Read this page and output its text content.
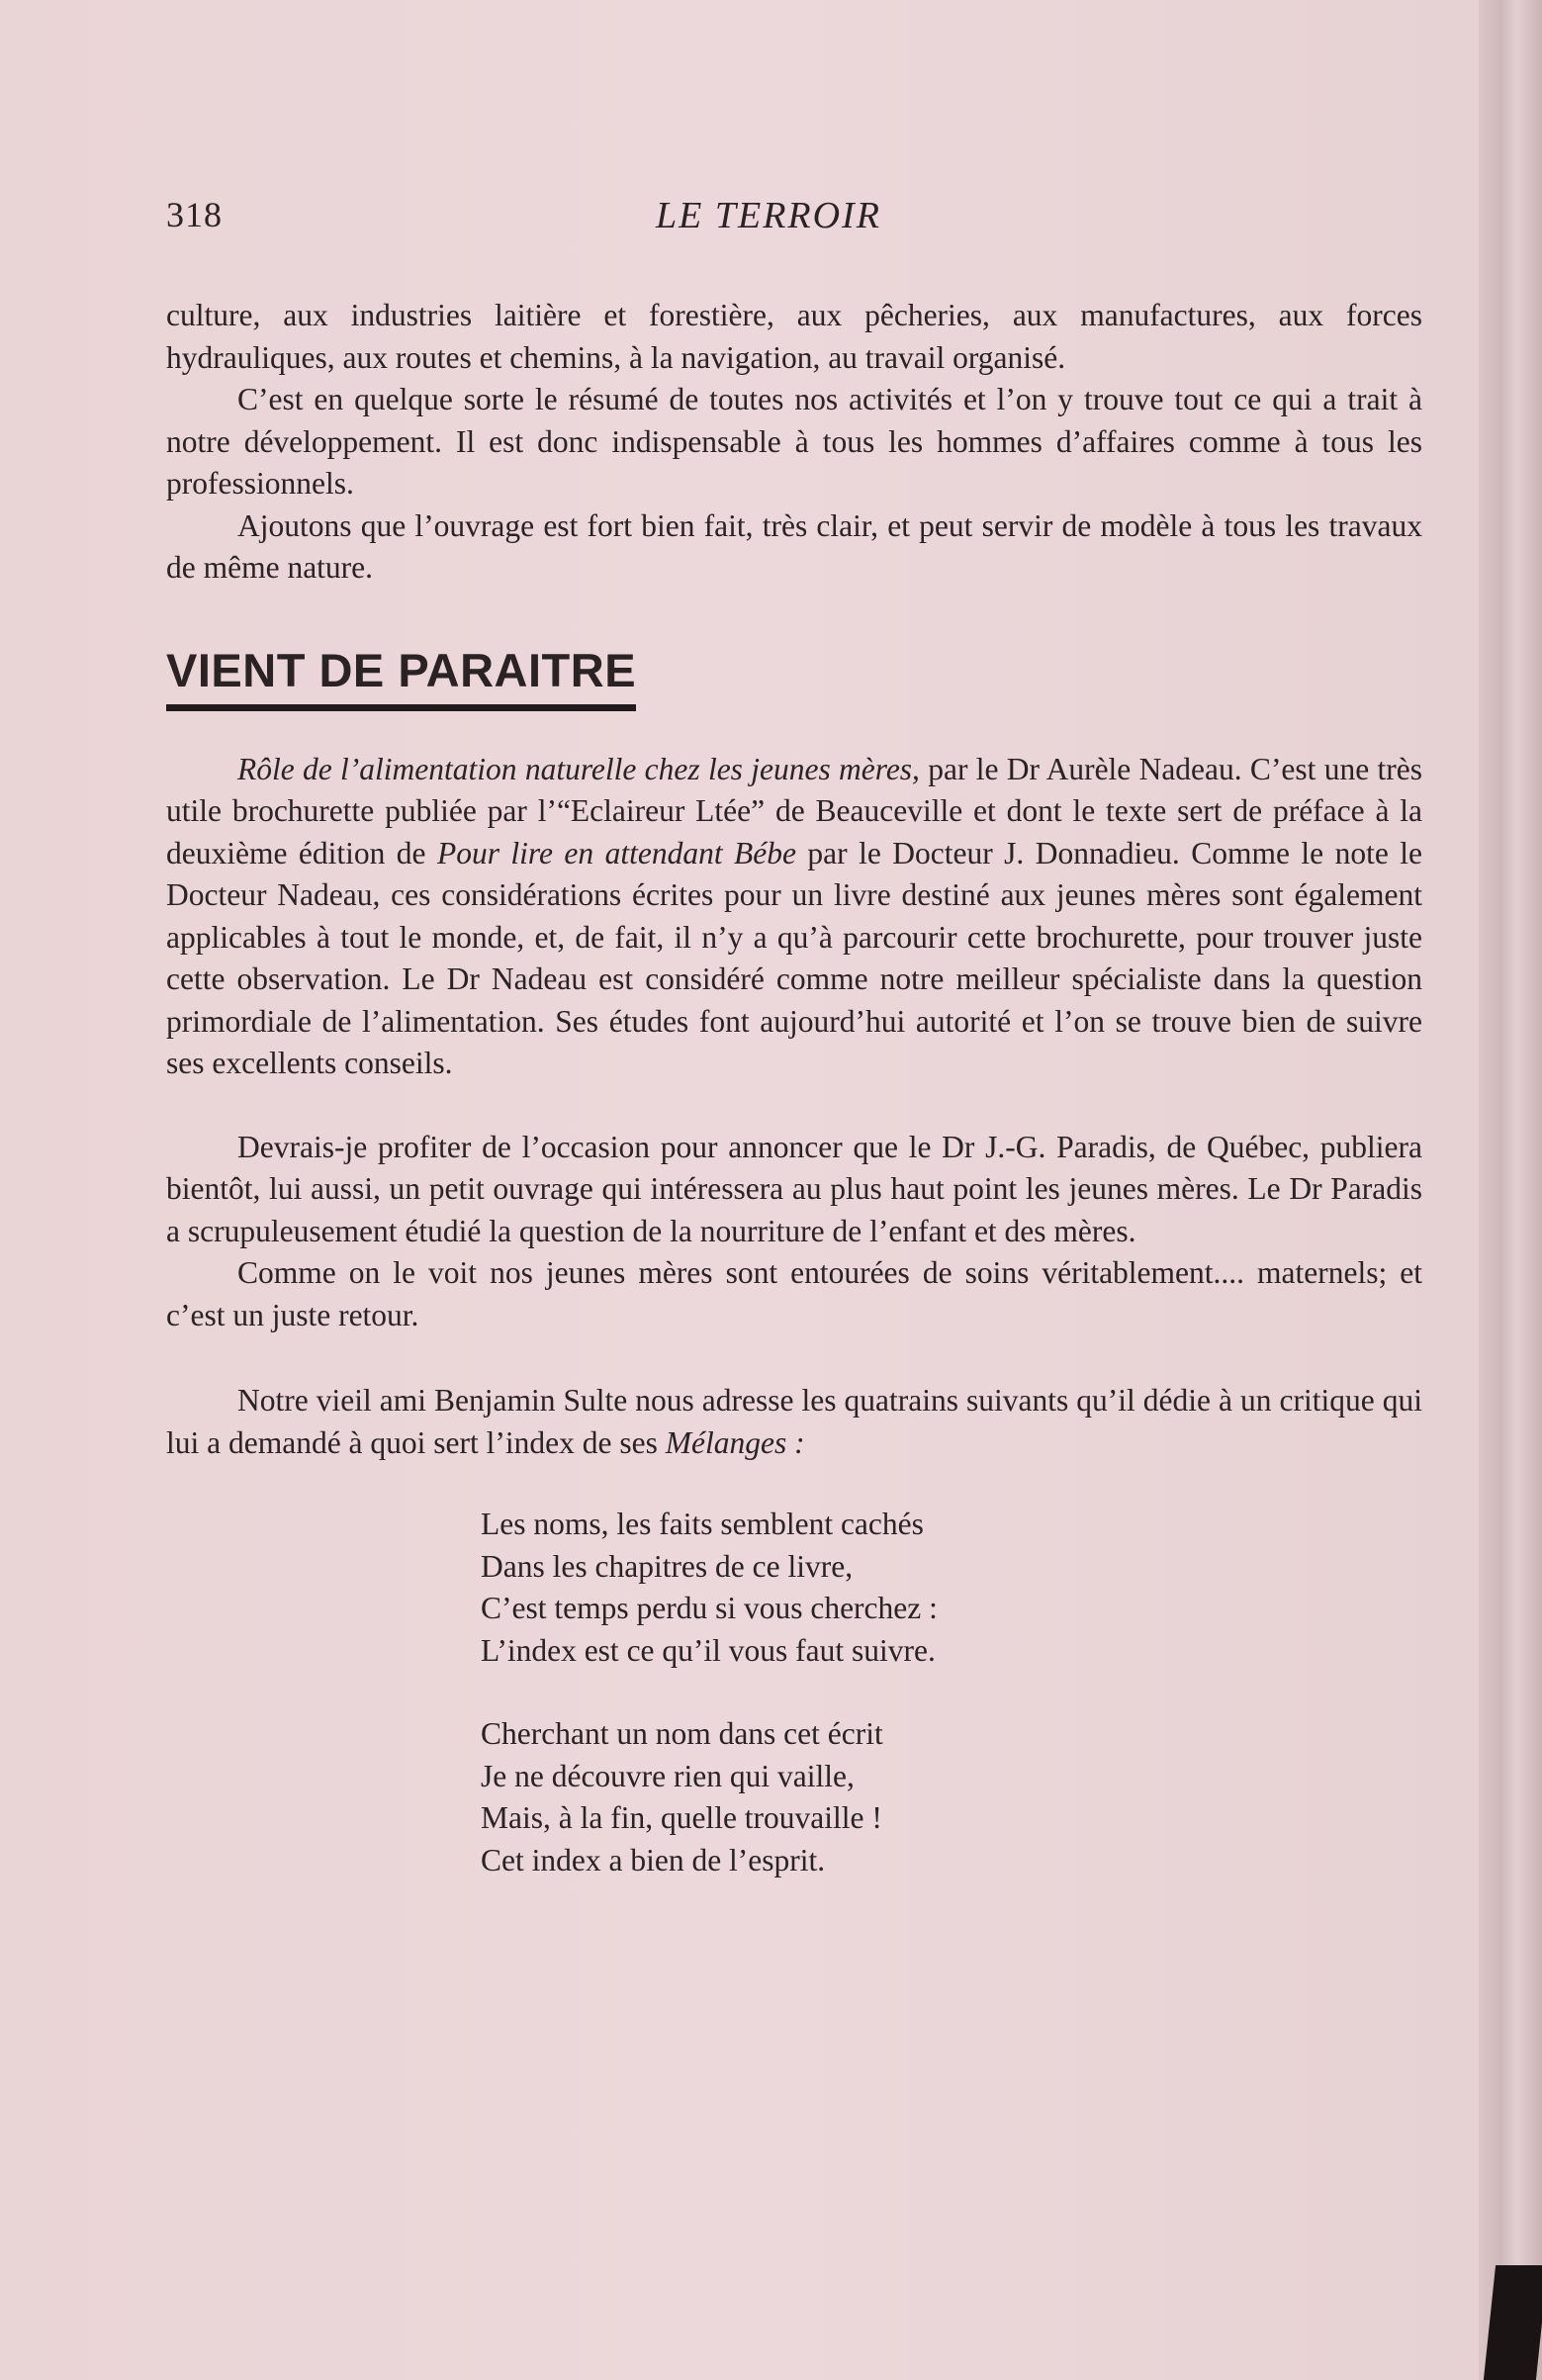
318	LE TERROIR

culture, aux industries laitière et forestière, aux pêcheries, aux manufactures, aux forces hydrauliques, aux routes et chemins, à la navigation, au travail organisé.

C’est en quelque sorte le résumé de toutes nos activités et l’on y trouve tout ce qui a trait à notre développement. Il est donc indispensable à tous les hommes d’affaires comme à tous les professionnels.

Ajoutons que l’ouvrage est fort bien fait, très clair, et peut servir de modèle à tous les travaux de même nature.

VIENT DE PARAITRE

Rôle de l’alimentation naturelle chez les jeunes mères, par le Dr Aurèle Nadeau. C’est une très utile brochurette publiée par l’“Eclaireur Ltée” de Beauceville et dont le texte sert de préface à la deuxième édition de Pour lire en attendant Bébe par le Docteur J. Donnadieu. Comme le note le Docteur Nadeau, ces considérations écrites pour un livre destiné aux jeunes mères sont également applicables à tout le monde, et, de fait, il n’y a qu’à parcourir cette brochurette, pour trouver juste cette observation. Le Dr Nadeau est considéré comme notre meilleur spécialiste dans la question primordiale de l’alimentation. Ses études font aujourd’hui autorité et l’on se trouve bien de suivre ses excellents conseils.

Devrais-je profiter de l’occasion pour annoncer que le Dr J.-G. Paradis, de Québec, publiera bientôt, lui aussi, un petit ouvrage qui intéressera au plus haut point les jeunes mères. Le Dr Paradis a scrupuleusement étudié la question de la nourriture de l’enfant et des mères.

Comme on le voit nos jeunes mères sont entourées de soins véritablement.... maternels; et c’est un juste retour.

Notre vieil ami Benjamin Sulte nous adresse les quatrains suivants qu’il dédie à un critique qui lui a demandé à quoi sert l’index de ses Mélanges :

Les noms, les faits semblent cachés
Dans les chapitres de ce livre,
C’est temps perdu si vous cherchez :
L’index est ce qu’il vous faut suivre.
Cherchant un nom dans cet écrit
Je ne découvre rien qui vaille,
Mais, à la fin, quelle trouvaille !
Cet index a bien de l’esprit.
